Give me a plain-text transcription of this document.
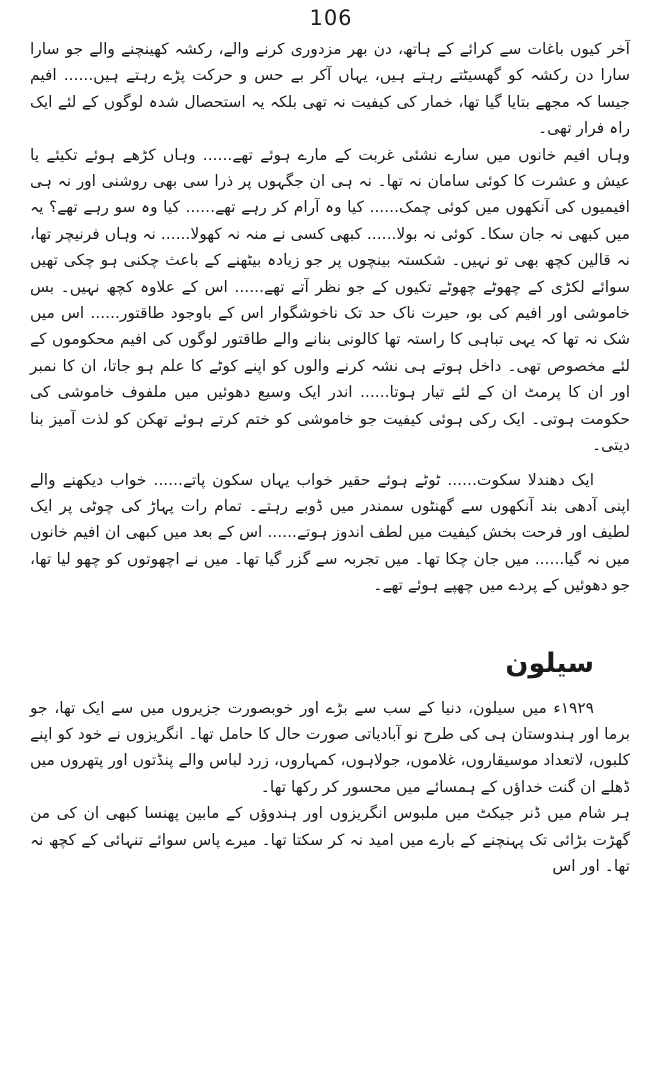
106

آخر کیوں باغات سے کرائے کے ہاتھ، دن بھر مزدوری کرنے والے، رکشہ کھینچنے والے جو سارا سارا دن رکشہ کو گھسیٹتے رہتے ہیں، یہاں آکر بے حس و حرکت پڑے رہتے ہیں...... افیم جیسا کہ مجھے بتایا گیا تھا، خمار کی کیفیت نہ تھی بلکہ یہ استحصال شدہ لوگوں کے لئے ایک راہ فرار تھی۔

وہاں افیم خانوں میں سارے نشئی غربت کے مارے ہوئے تھے...... وہاں کڑھے ہوئے تکیئے یا عیش و عشرت کا کوئی سامان نہ تھا۔ نہ ہی ان جگہوں پر ذرا سی بھی روشنی اور نہ ہی افیمیوں کی آنکھوں میں کوئی چمک...... کیا وہ آرام کر رہے تھے...... کیا وہ سو رہے تھے؟ یہ میں کبھی نہ جان سکا۔ کوئی نہ بولا...... کبھی کسی نے منہ نہ کھولا...... نہ وہاں فرنیچر تھا، نہ قالین کچھ بھی تو نہیں۔ شکستہ بینچوں پر جو زیادہ بیٹھنے کے باعث چکنی ہو چکی تھیں سوائے لکڑی کے چھوٹے چھوٹے تکیوں کے جو نظر آتے تھے...... اس کے علاوہ کچھ نہیں۔ بس خاموشی اور افیم کی بو، حیرت ناک حد تک ناخوشگوار اس کے باوجود طاقتور...... اس میں شک نہ تھا کہ یہی تباہی کا راستہ تھا کالونی بنانے والے طاقتور لوگوں کی افیم محکوموں کے لئے مخصوص تھی۔ داخل ہوتے ہی نشہ کرنے والوں کو اپنے کوٹے کا علم ہو جاتا، ان کا نمبر اور ان کا پرمٹ ان کے لئے تیار ہوتا...... اندر ایک وسیع دھوئیں میں ملفوف خاموشی کی حکومت ہوتی۔ ایک رکی ہوئی کیفیت جو خاموشی کو ختم کرتے ہوئے تھکن کو لذت آمیز بنا دیتی۔

ایک دھندلا سکوت...... ٹوٹے ہوئے حقیر خواب یہاں سکون پاتے...... خواب دیکھنے والے اپنی آدھی بند آنکھوں سے گھنٹوں سمندر میں ڈوبے رہتے۔ تمام رات پہاڑ کی چوٹی پر ایک لطیف اور فرحت بخش کیفیت میں لطف اندوز ہوتے...... اس کے بعد میں کبھی ان افیم خانوں میں نہ گیا...... میں جان چکا تھا۔ میں تجربہ سے گزر گیا تھا۔ میں نے اچھوتوں کو چھو لیا تھا، جو دھوئیں کے پردے میں چھپے ہوئے تھے۔

سیلون

۱۹۲۹ء میں سیلون، دنیا کے سب سے بڑے اور خوبصورت جزیروں میں سے ایک تھا، جو برما اور ہندوستان ہی کی طرح نو آبادیاتی صورت حال کا حامل تھا۔ انگریزوں نے خود کو اپنے کلبوں، لاتعداد موسیقاروں، غلاموں، جولاہوں، کمہاروں، زرد لباس والے پنڈتوں اور پتھروں میں ڈھلے ان گنت خداؤں کے ہمسائے میں محسور کر رکھا تھا۔

ہر شام میں ڈنر جیکٹ میں ملبوس انگریزوں اور ہندوؤں کے مابین پھنسا کبھی ان کی من گھڑت بڑائی تک پہنچنے کے بارے میں امید نہ کر سکتا تھا۔ میرے پاس سوائے تنہائی کے کچھ نہ تھا۔ اور اس
